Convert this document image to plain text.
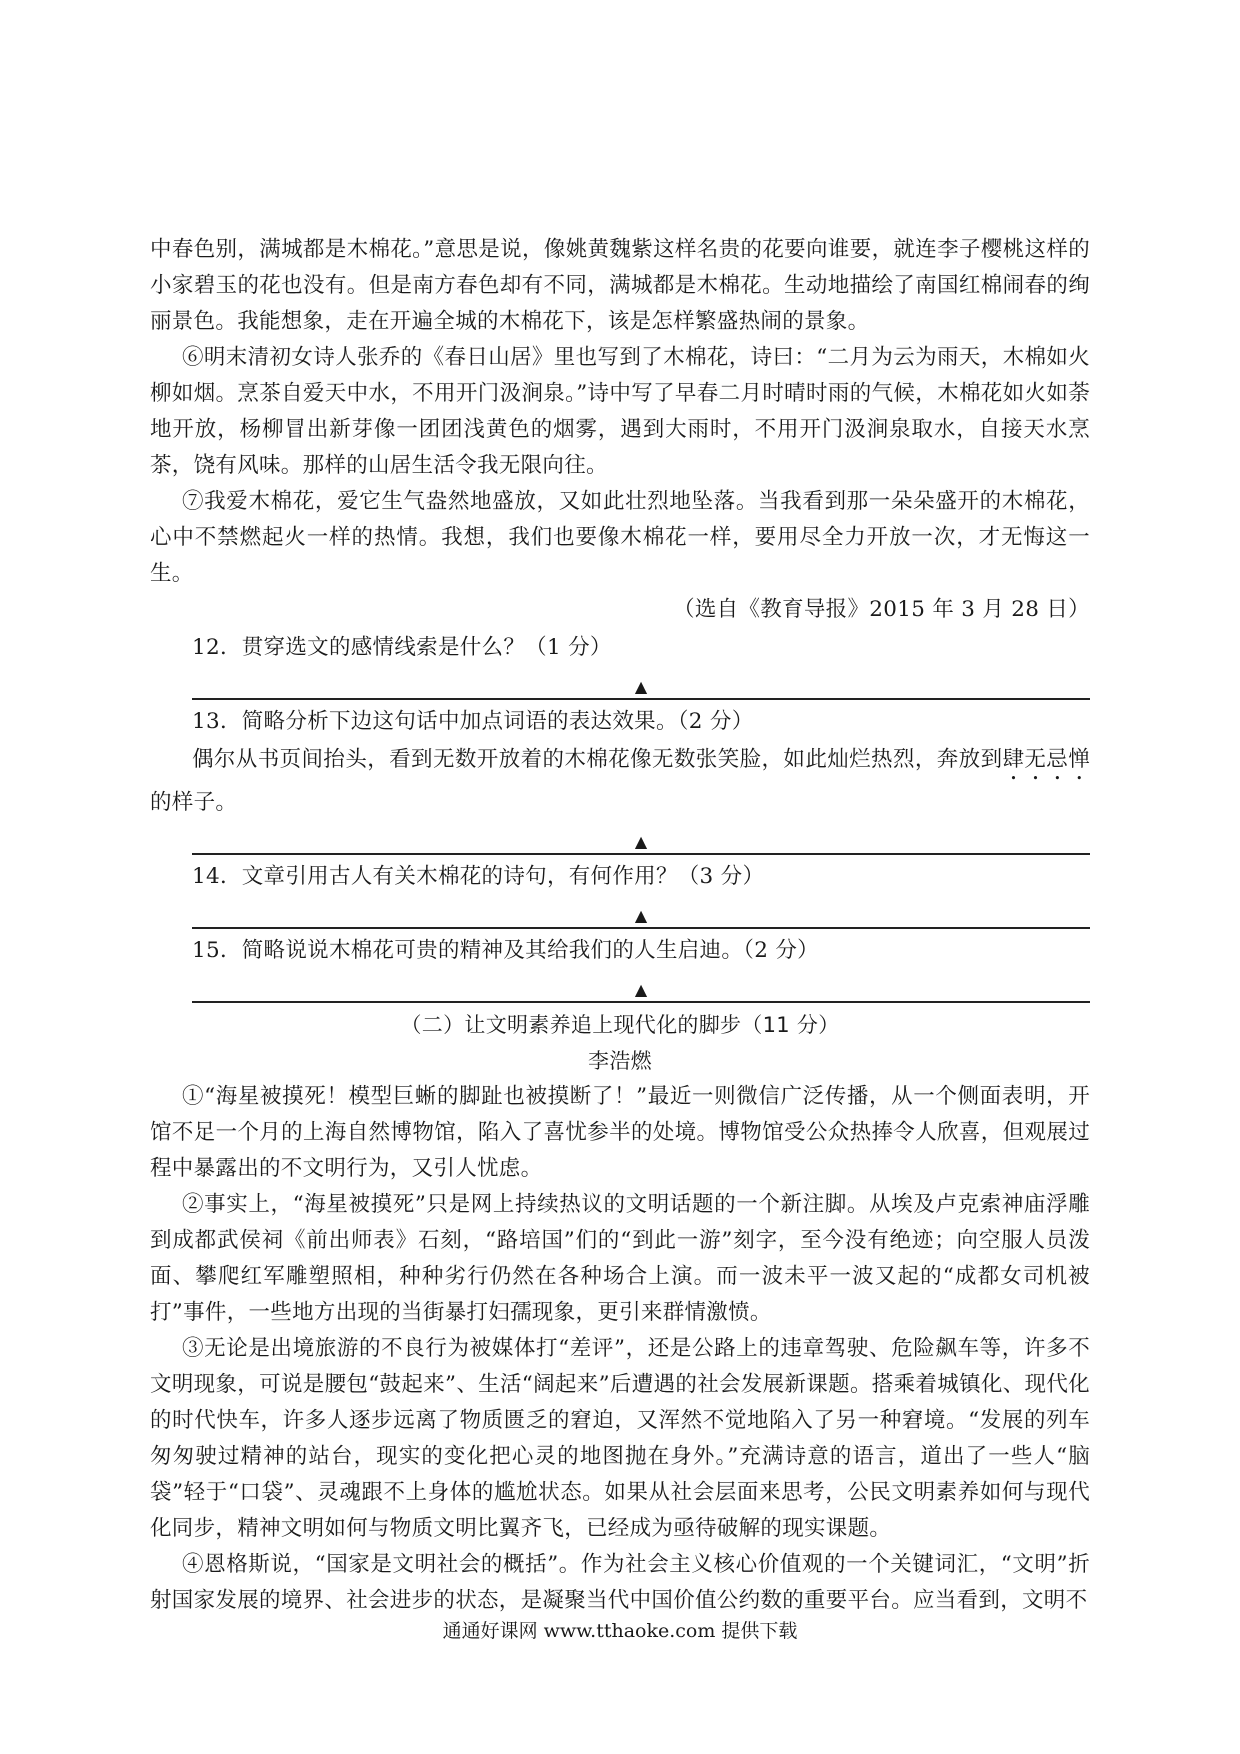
中春色别，满城都是木棉花。”意思是说，像姚黄魏紫这样名贵的花要向谁要，就连李子樱桃这样的小家碧玉的花也没有。但是南方春色却有不同，满城都是木棉花。生动地描绘了南国红棉闹春的绚丽景色。我能想象，走在开遍全城的木棉花下，该是怎样繁盛热闹的景象。

⑥明末清初女诗人张乔的《春日山居》里也写到了木棉花，诗曰：“二月为云为雨天，木棉如火柳如烟。烹茶自爱天中水，不用开门汲涧泉。”诗中写了早春二月时晴时雨的气候，木棉花如火如荼地开放，杨柳冒出新芽像一团团浅黄色的烟雾，遇到大雨时，不用开门汲涧泉取水，自接天水烹茶，饶有风味。那样的山居生活令我无限向往。

⑦我爱木棉花，爱它生气盎然地盛放，又如此壮烈地坠落。当我看到那一朵朵盛开的木棉花，心中不禁燃起火一样的热情。我想，我们也要像木棉花一样，要用尽全力开放一次，才无悔这一生。

（选自《教育导报》2015 年 3 月 28 日）

12．贯穿选文的感情线索是什么？（1 分）

▲

13．简略分析下边这句话中加点词语的表达效果。（2 分）

偶尔从书页间抬头，看到无数开放着的木棉花像无数张笑脸，如此灿烂热烈，奔放到肆无忌惮的样子。

▲

14．文章引用古人有关木棉花的诗句，有何作用？（3 分）

▲

15．简略说说木棉花可贵的精神及其给我们的人生启迪。（2 分）

▲

（二）让文明素养追上现代化的脚步（11 分）

李浩燃

①“海星被摸死！模型巨蜥的脚趾也被摸断了！”最近一则微信广泛传播，从一个侧面表明，开馆不足一个月的上海自然博物馆，陷入了喜忧参半的处境。博物馆受公众热捧令人欣喜，但观展过程中暴露出的不文明行为，又引人忧虑。

②事实上，“海星被摸死”只是网上持续热议的文明话题的一个新注脚。从埃及卢克索神庙浮雕到成都武侯祠《前出师表》石刻，“路培国”们的“到此一游”刻字，至今没有绝迹；向空服人员泼面、攀爬红军雕塑照相，种种劣行仍然在各种场合上演。而一波未平一波又起的“成都女司机被打”事件，一些地方出现的当街暴打妇孺现象，更引来群情激愤。

③无论是出境旅游的不良行为被媒体打“差评”，还是公路上的违章驾驶、危险飙车等，许多不文明现象，可说是腰包“鼓起来”、生活“阔起来”后遭遇的社会发展新课题。搭乘着城镇化、现代化的时代快车，许多人逐步远离了物质匮乏的窘迫，又浑然不觉地陷入了另一种窘境。“发展的列车匆匆驶过精神的站台，现实的变化把心灵的地图抛在身外。”充满诗意的语言，道出了一些人“脑袋”轻于“口袋”、灵魂跟不上身体的尴尬状态。如果从社会层面来思考，公民文明素养如何与现代化同步，精神文明如何与物质文明比翼齐飞，已经成为亟待破解的现实课题。

④恩格斯说，“国家是文明社会的概括”。作为社会主义核心价值观的一个关键词汇，“文明”折射国家发展的境界、社会进步的状态，是凝聚当代中国价值公约数的重要平台。应当看到，文明不

通通好课网 www.tthaoke.com 提供下载
